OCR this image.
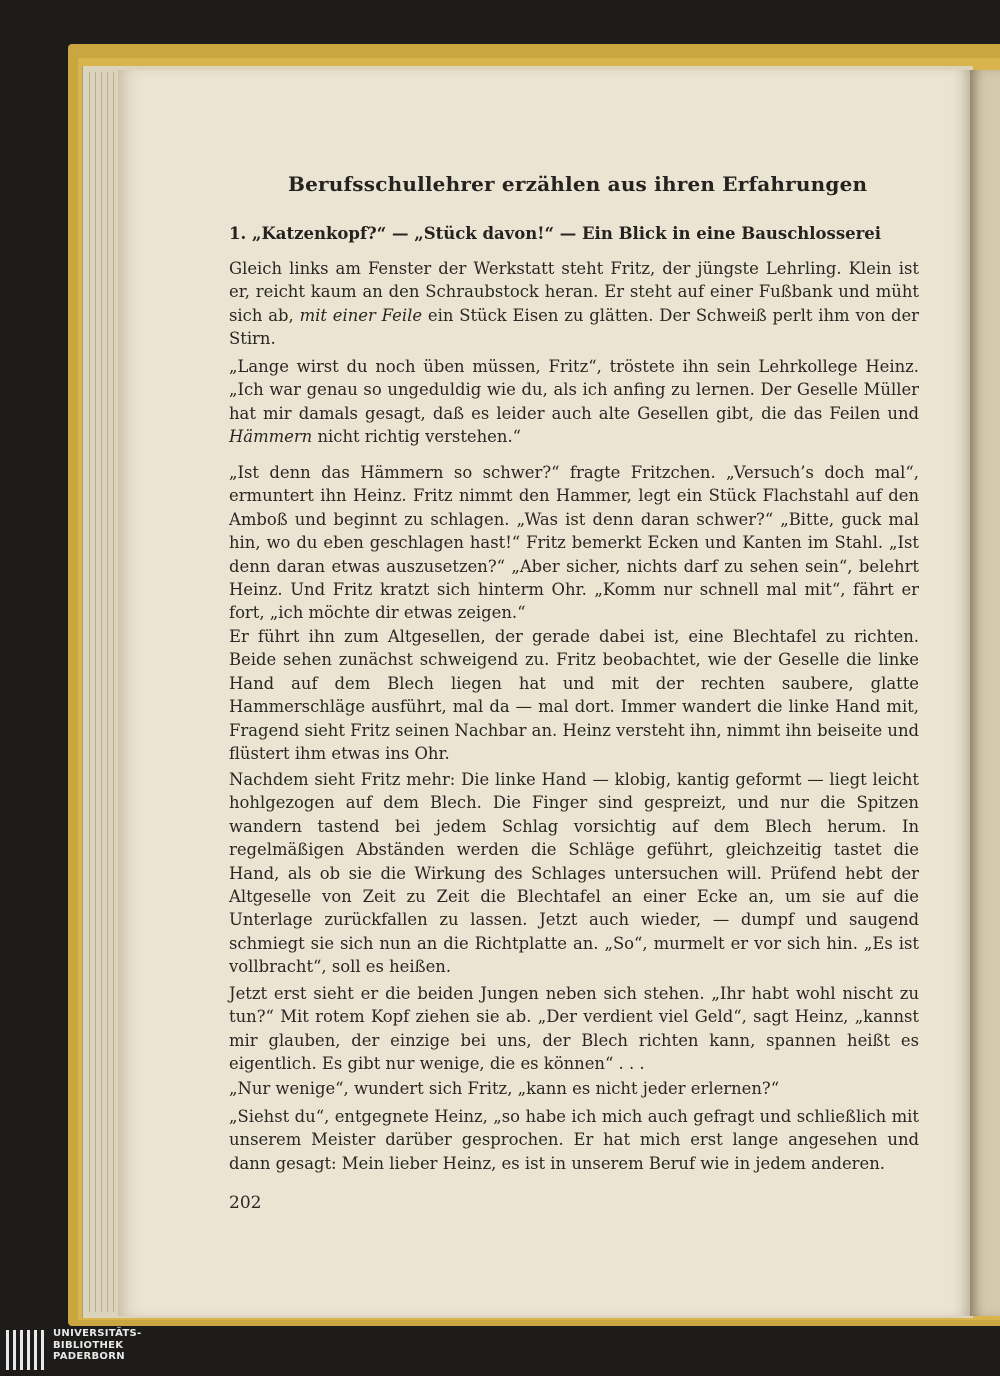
Berufsschullehrer erzählen aus ihren Erfahrungen
1. „Katzenkopf?“ — „Stück davon!“ — Ein Blick in eine Bauschlosserei

Gleich links am Fenster der Werkstatt steht Fritz, der jüngste Lehrling. Klein ist er, reicht kaum an den Schraubstock heran. Er steht auf einer Fußbank und müht sich ab, mit einer Feile ein Stück Eisen zu glätten. Der Schweiß perlt ihm von der Stirn.

„Lange wirst du noch üben müssen, Fritz“, tröstete ihn sein Lehrkollege Heinz. „Ich war genau so ungeduldig wie du, als ich anfing zu lernen. Der Geselle Müller hat mir damals gesagt, daß es leider auch alte Gesellen gibt, die das Feilen und Hämmern nicht richtig verstehen.“

„Ist denn das Hämmern so schwer?“ fragte Fritzchen. „Versuch’s doch mal“, ermuntert ihn Heinz. Fritz nimmt den Hammer, legt ein Stück Flachstahl auf den Amboß und beginnt zu schlagen. „Was ist denn daran schwer?“ „Bitte, guck mal hin, wo du eben geschlagen hast!“ Fritz bemerkt Ecken und Kanten im Stahl. „Ist denn daran etwas auszusetzen?“ „Aber sicher, nichts darf zu sehen sein“, belehrt Heinz. Und Fritz kratzt sich hinterm Ohr. „Komm nur schnell mal mit“, fährt er fort, „ich möchte dir etwas zeigen.“

Er führt ihn zum Altgesellen, der gerade dabei ist, eine Blechtafel zu richten. Beide sehen zunächst schweigend zu. Fritz beobachtet, wie der Geselle die linke Hand auf dem Blech liegen hat und mit der rechten saubere, glatte Hammerschläge ausführt, mal da — mal dort. Immer wandert die linke Hand mit, Fragend sieht Fritz seinen Nachbar an. Heinz versteht ihn, nimmt ihn beiseite und flüstert ihm etwas ins Ohr.

Nachdem sieht Fritz mehr: Die linke Hand — klobig, kantig geformt — liegt leicht hohlgezogen auf dem Blech. Die Finger sind gespreizt, und nur die Spitzen wandern tastend bei jedem Schlag vorsichtig auf dem Blech herum. In regelmäßigen Abständen werden die Schläge geführt, gleichzeitig tastet die Hand, als ob sie die Wirkung des Schlages untersuchen will. Prüfend hebt der Altgeselle von Zeit zu Zeit die Blechtafel an einer Ecke an, um sie auf die Unterlage zurückfallen zu lassen. Jetzt auch wieder, — dumpf und saugend schmiegt sie sich nun an die Richtplatte an. „So“, murmelt er vor sich hin. „Es ist vollbracht“, soll es heißen.

Jetzt erst sieht er die beiden Jungen neben sich stehen. „Ihr habt wohl nischt zu tun?“ Mit rotem Kopf ziehen sie ab. „Der verdient viel Geld“, sagt Heinz, „kannst mir glauben, der einzige bei uns, der Blech richten kann, spannen heißt es eigentlich. Es gibt nur wenige, die es können“ . . .

„Nur wenige“, wundert sich Fritz, „kann es nicht jeder erlernen?“

„Siehst du“, entgegnete Heinz, „so habe ich mich auch gefragt und schließlich mit unserem Meister darüber gesprochen. Er hat mich erst lange angesehen und dann gesagt: Mein lieber Heinz, es ist in unserem Beruf wie in jedem anderen.

202
UNIVERSITÄTS-
BIBLIOTHEK
PADERBORN
